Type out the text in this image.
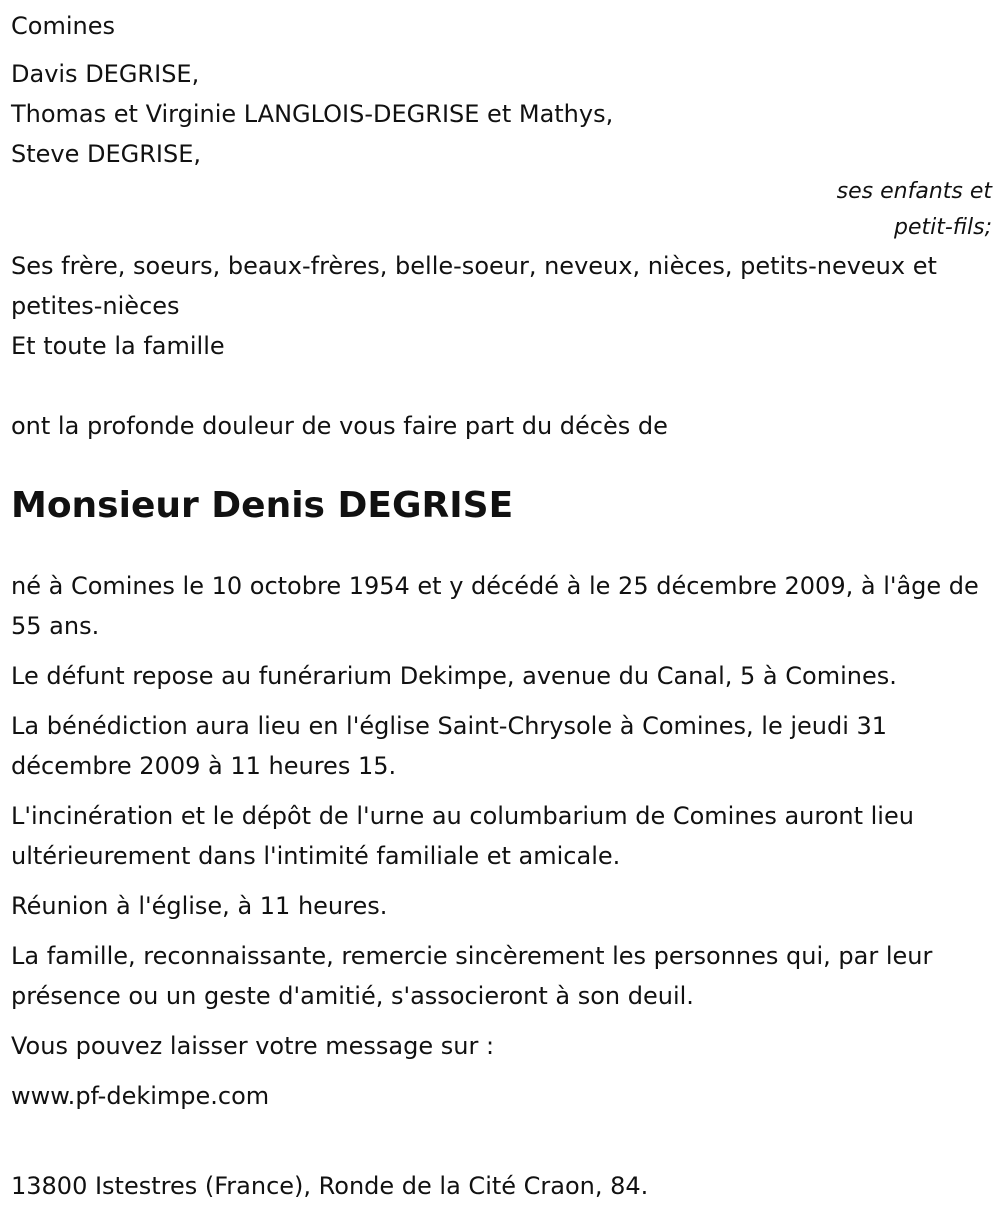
Comines

Davis DEGRISE,

Thomas et Virginie LANGLOIS-DEGRISE et Mathys,

Steve DEGRISE,

ses enfants et petit-fils;

Ses frère, soeurs, beaux-frères, belle-soeur, neveux, nièces, petits-neveux et petites-nièces

Et toute la famille

ont la profonde douleur de vous faire part du décès de

Monsieur Denis DEGRISE

né à Comines le 10 octobre 1954 et y décédé à le 25 décembre 2009, à l'âge de 55 ans.

Le défunt repose au funérarium Dekimpe, avenue du Canal, 5 à Comines.

La bénédiction aura lieu en l'église Saint-Chrysole à Comines, le jeudi 31 décembre 2009 à 11 heures 15.

L'incinération et le dépôt de l'urne au columbarium de Comines auront lieu ultérieurement dans l'intimité familiale et amicale.

Réunion à l'église, à 11 heures.

La famille, reconnaissante, remercie sincèrement les personnes qui, par leur présence ou un geste d'amitié, s'associeront à son deuil.

Vous pouvez laisser votre message sur :

www.pf-dekimpe.com

13800 Istestres (France), Ronde de la Cité Craon, 84.
